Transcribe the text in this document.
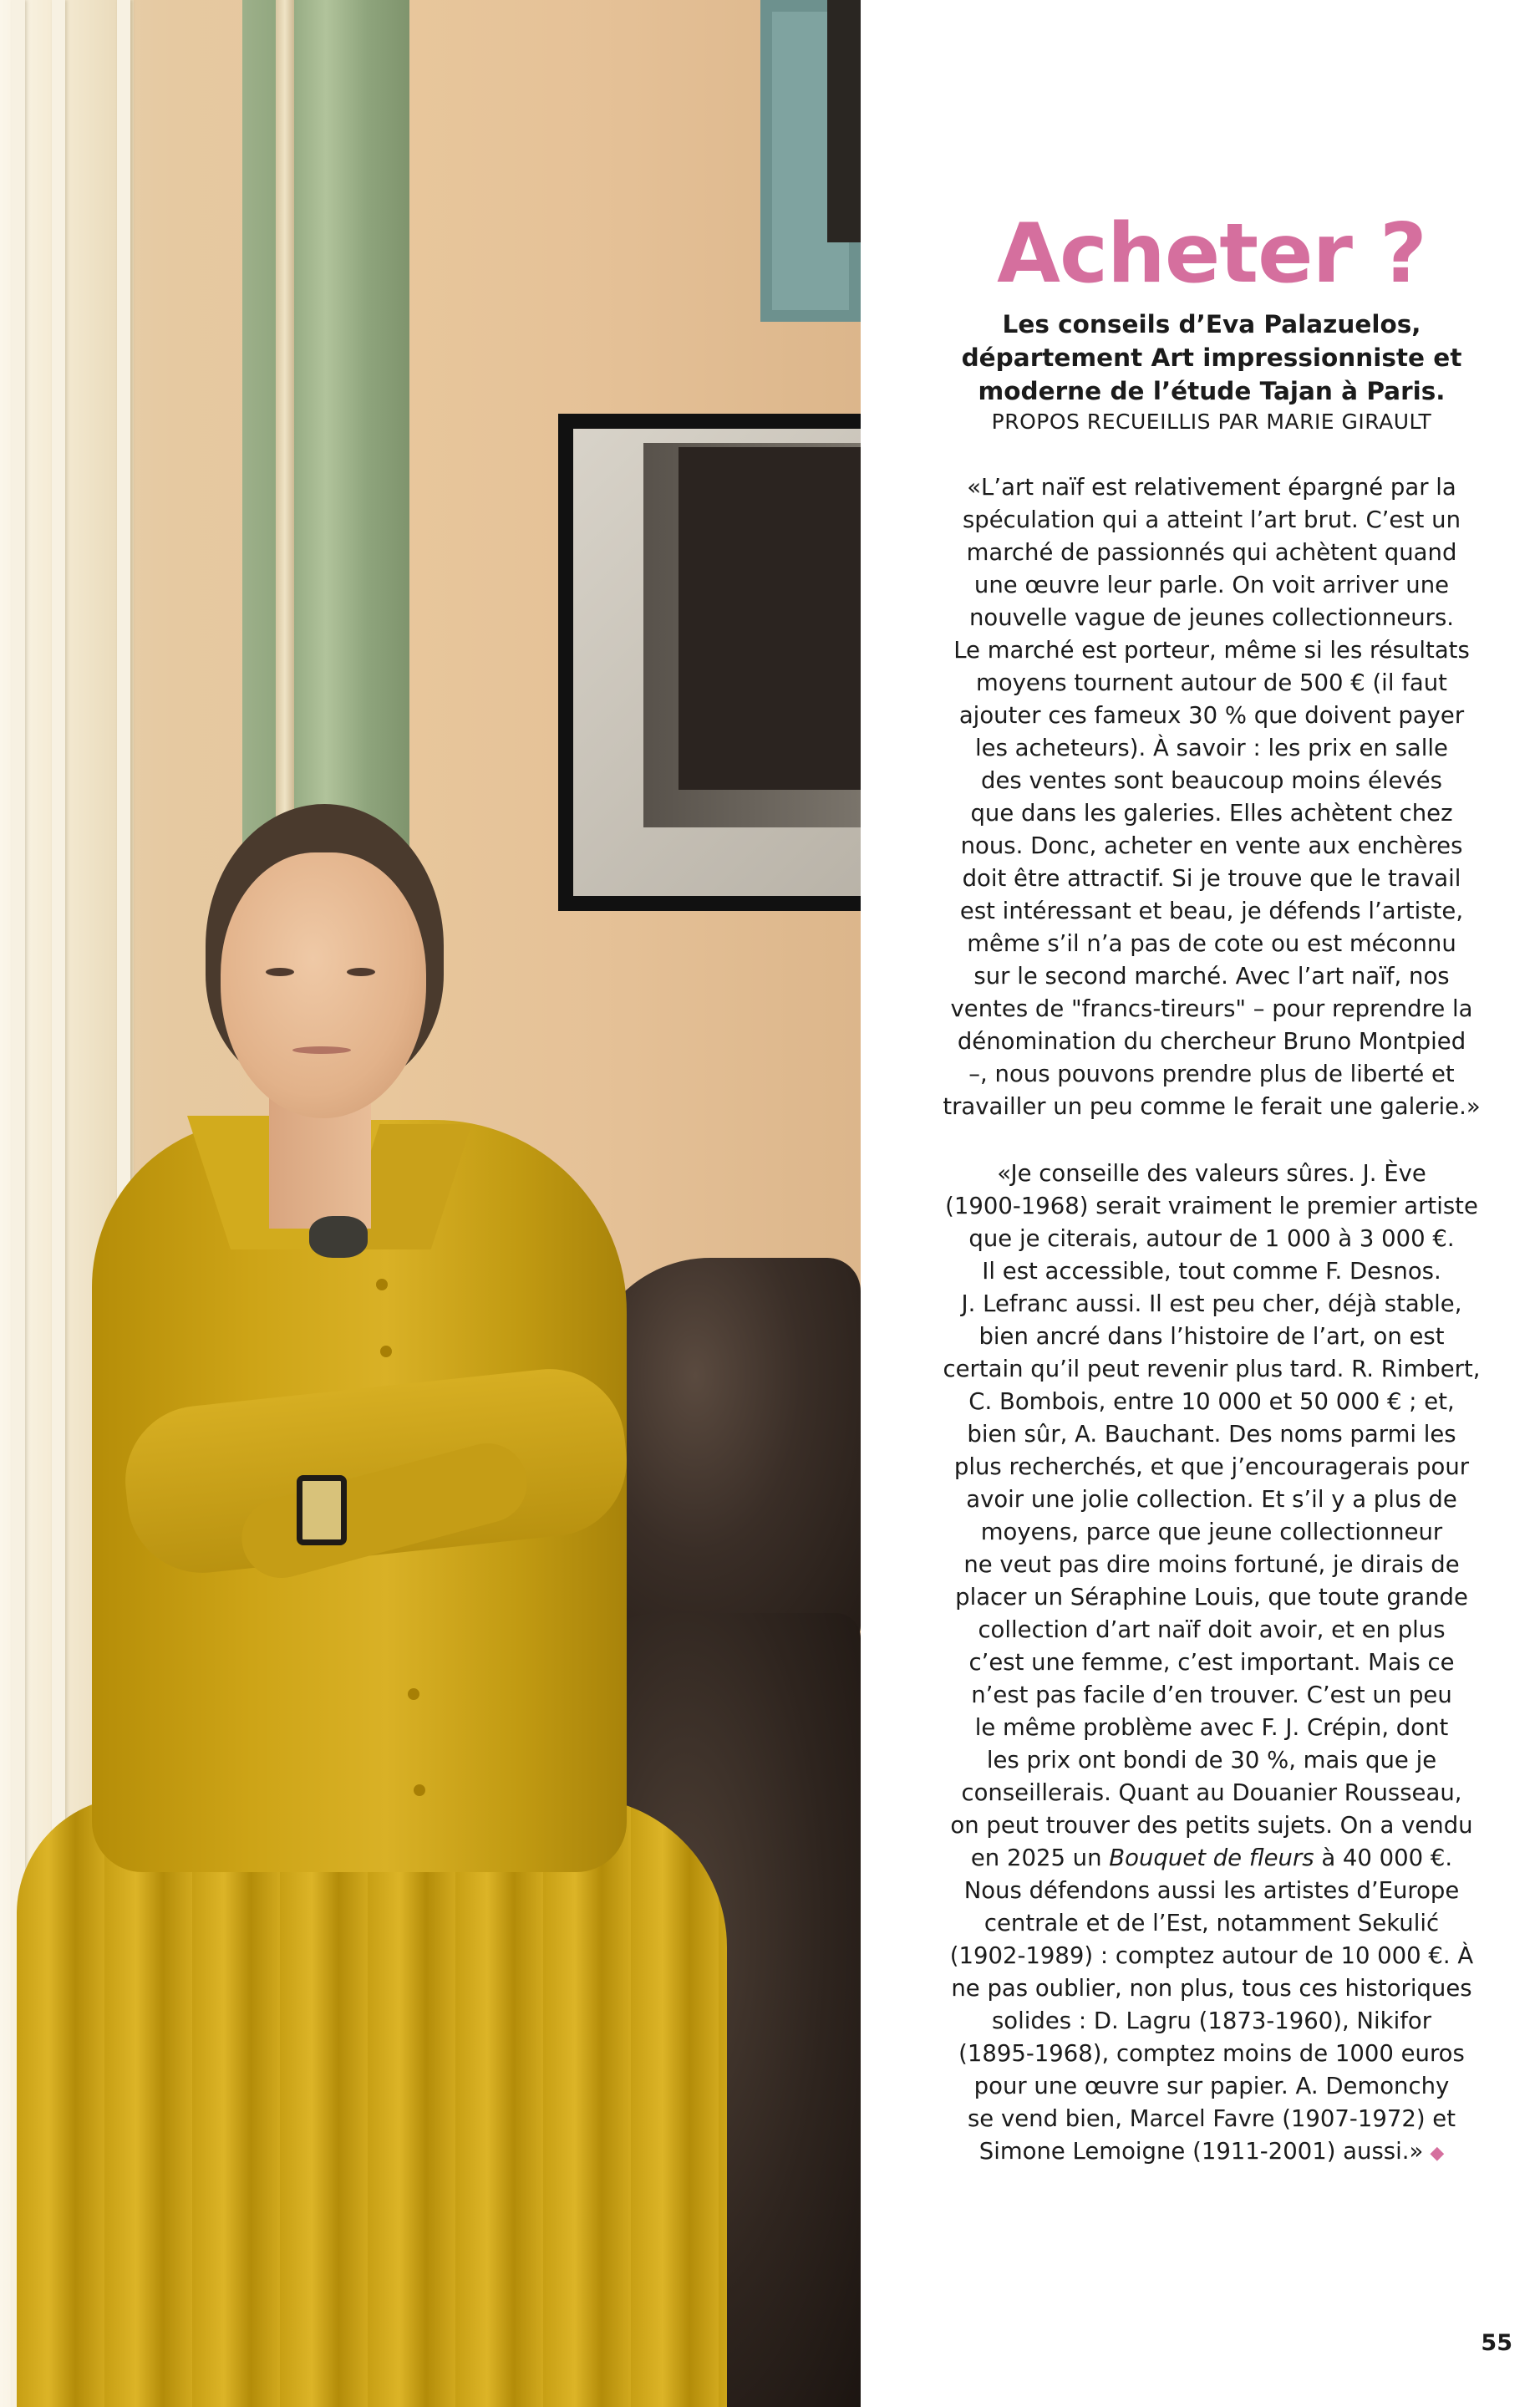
Acheter ?

Les conseils d’Eva Palazuelos,
département Art impressionniste et
moderne de l’étude Tajan à Paris.

PROPOS RECUEILLIS PAR MARIE GIRAULT

«L’art naïf est relativement épargné par la
spéculation qui a atteint l’art brut. C’est un
marché de passionnés qui achètent quand
une œuvre leur parle. On voit arriver une
nouvelle vague de jeunes collectionneurs.
Le marché est porteur, même si les résultats
moyens tournent autour de 500 € (il faut
ajouter ces fameux 30 % que doivent payer
les acheteurs). À savoir : les prix en salle
des ventes sont beaucoup moins élevés
que dans les galeries. Elles achètent chez
nous. Donc, acheter en vente aux enchères
doit être attractif. Si je trouve que le travail
est intéressant et beau, je défends l’artiste,
même s’il n’a pas de cote ou est méconnu
sur le second marché. Avec l’art naïf, nos
ventes de "francs-tireurs" – pour reprendre la
dénomination du chercheur Bruno Montpied
–, nous pouvons prendre plus de liberté et
travailler un peu comme le ferait une galerie.»
«Je conseille des valeurs sûres. J. Ève
(1900-1968) serait vraiment le premier artiste
que je citerais, autour de 1 000 à 3 000 €.
Il est accessible, tout comme F. Desnos.
J. Lefranc aussi. Il est peu cher, déjà stable,
bien ancré dans l’histoire de l’art, on est
certain qu’il peut revenir plus tard. R. Rimbert,
C. Bombois, entre 10 000 et 50 000 € ; et,
bien sûr, A. Bauchant. Des noms parmi les
plus recherchés, et que j’encouragerais pour
avoir une jolie collection. Et s’il y a plus de
moyens, parce que jeune collectionneur
ne veut pas dire moins fortuné, je dirais de
placer un Séraphine Louis, que toute grande
collection d’art naïf doit avoir, et en plus
c’est une femme, c’est important. Mais ce
n’est pas facile d’en trouver. C’est un peu
le même problème avec F. J. Crépin, dont
les prix ont bondi de 30 %, mais que je
conseillerais. Quant au Douanier Rousseau,
on peut trouver des petits sujets. On a vendu
en 2025 un Bouquet de fleurs à 40 000 €.
Nous défendons aussi les artistes d’Europe
centrale et de l’Est, notamment Sekulić
(1902-1989) : comptez autour de 10 000 €. À
ne pas oublier, non plus, tous ces historiques
solides : D. Lagru (1873-1960), Nikifor
(1895-1968), comptez moins de 1000 euros
pour une œuvre sur papier. A. Demonchy
se vend bien, Marcel Favre (1907-1972) et
Simone Lemoigne (1911-2001) aussi.» ◆

55
